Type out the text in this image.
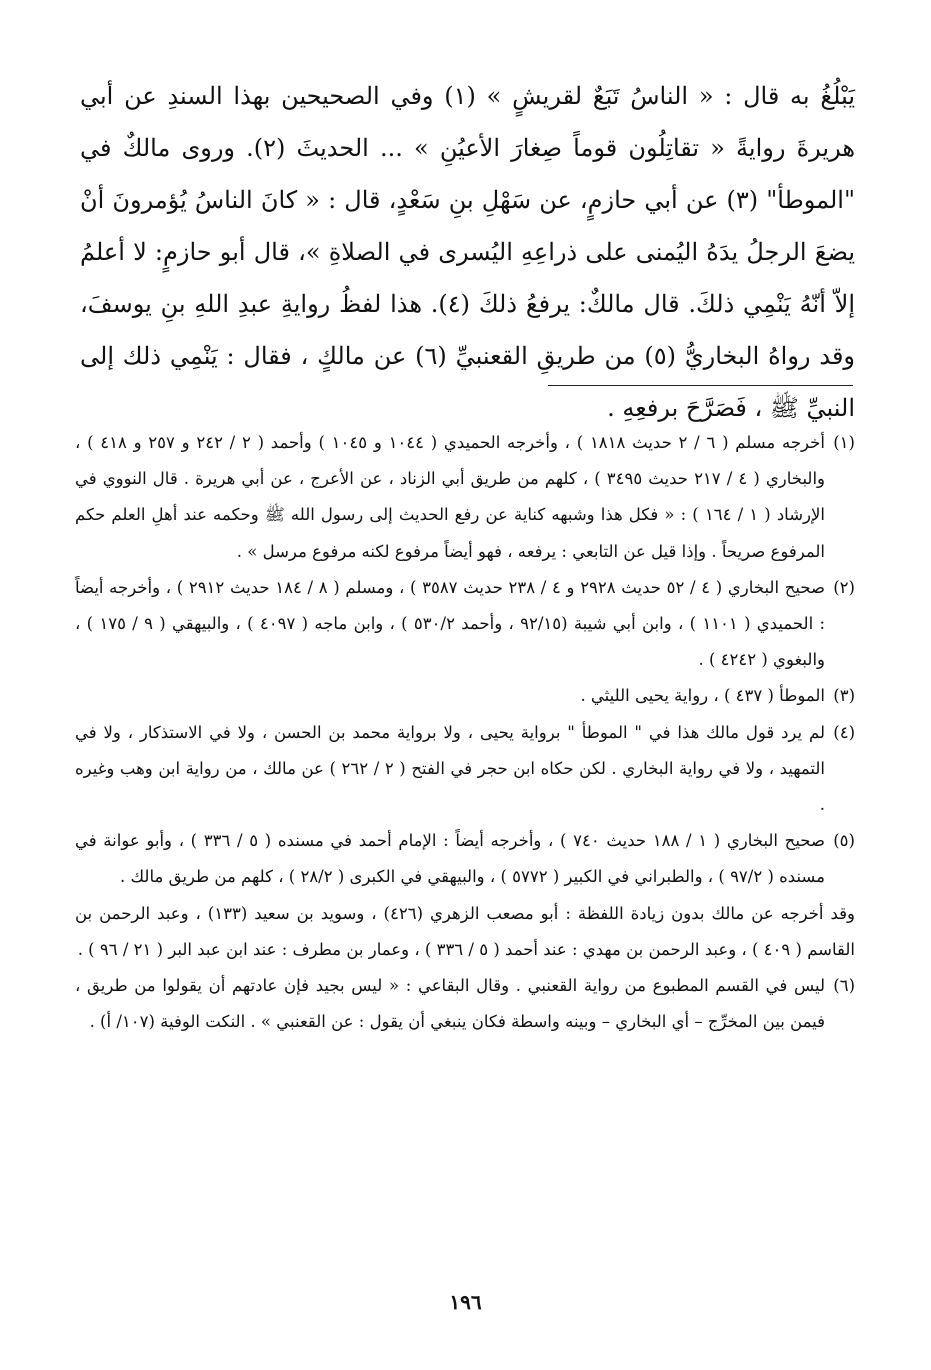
يَبْلُغُ به قال : « الناسُ تَبَعٌ لقريشٍ » (١) وفي الصحيحين بهذا السندِ عن أبي هريرةَ روايةً « تقاتِلُون قوماً صِغارَ الأعيُنِ » ... الحديثَ (٢). وروى مالكٌ في "الموطأ" (٣) عن أبي حازمٍ، عن سَهْلِ بنِ سَعْدٍ، قال : « كانَ الناسُ يُؤمرونَ أنْ يضعَ الرجلُ يدَهُ اليُمنى على ذراعِهِ اليُسرى في الصلاةِ »، قال أبو حازمٍ: لا أعلمُ إلاّ أنّهُ يَنْمِي ذلكَ. قال مالكٌ: يرفعُ ذلكَ (٤). هذا لفظُ روايةِ عبدِ اللهِ بنِ يوسفَ، وقد رواهُ البخاريُّ (٥) من طريقِ القعنبيِّ (٦) عن مالكٍ ، فقال : يَنْمِي ذلك إلى النبيِّ ﷺ ، فَصَرَّحَ برفعِهِ .

(١)أخرجه مسلم ( ٦ / ٢ حديث ١٨١٨ ) ، وأخرجه الحميدي ( ١٠٤٤ و ١٠٤٥ ) وأحمد ( ٢ / ٢٤٢ و ٢٥٧ و ٤١٨ ) ، والبخاري ( ٤ / ٢١٧ حديث ٣٤٩٥ ) ، كلهم من طريق أبي الزناد ، عن الأعرج ، عن أبي هريرة . قال النووي في الإرشاد ( ١ / ١٦٤ ) : « فكل هذا وشبهه كناية عن رفع الحديث إلى رسول الله ﷺ وحكمه عند أهلِ العلم حكم المرفوع صريحاً . وإذا قيل عن التابعي : يرفعه ، فهو أيضاً مرفوع لكنه مرفوع مرسل » .

(٢)صحيح البخاري ( ٤ / ٥٢ حديث ٢٩٢٨ و ٤ / ٢٣٨ حديث ٣٥٨٧ ) ، ومسلم ( ٨ / ١٨٤ حديث ٢٩١٢ ) ، وأخرجه أيضاً : الحميدي ( ١١٠١ ) ، وابن أبي شيبة (٩٢/١٥ ، وأحمد ٥٣٠/٢ ) ، وابن ماجه ( ٤٠٩٧ ) ، والبيهقي ( ٩ / ١٧٥ ) ، والبغوي ( ٤٢٤٢ ) .

(٣)الموطأ ( ٤٣٧ ) ، رواية يحيى الليثي .

(٤)لم يرد قول مالك هذا في " الموطأ " برواية يحيى ، ولا برواية محمد بن الحسن ، ولا في الاستذكار ، ولا في التمهيد ، ولا في رواية البخاري . لكن حكاه ابن حجر في الفتح ( ٢ / ٢٦٢ ) عن مالك ، من رواية ابن وهب وغيره .

(٥)صحيح البخاري ( ١ / ١٨٨ حديث ٧٤٠ ) ، وأخرجه أيضاً : الإمام أحمد في مسنده ( ٥ / ٣٣٦ ) ، وأبو عوانة في مسنده ( ٩٧/٢ ) ، والطبراني في الكبير ( ٥٧٧٢ ) ، والبيهقي في الكبرى ( ٢٨/٢ ) ، كلهم من طريق مالك .

وقد أخرجه عن مالك بدون زيادة اللفظة : أبو مصعب الزهري (٤٢٦) ، وسويد بن سعيد (١٣٣) ، وعبد الرحمن بن القاسم ( ٤٠٩ ) ، وعبد الرحمن بن مهدي : عند أحمد ( ٥ / ٣٣٦ ) ، وعمار بن مطرف : عند ابن عبد البر ( ٢١ / ٩٦ ) .

(٦)ليس في القسم المطبوع من رواية القعنبي . وقال البقاعي : « ليس بجيد فإن عادتهم أن يقولوا من طريق ، فيمن بين المخرِّج – أي البخاري – وبينه واسطة فكان ينبغي أن يقول : عن القعنبي » . النكت الوفية (١٠٧/ أ) .

١٩٦
